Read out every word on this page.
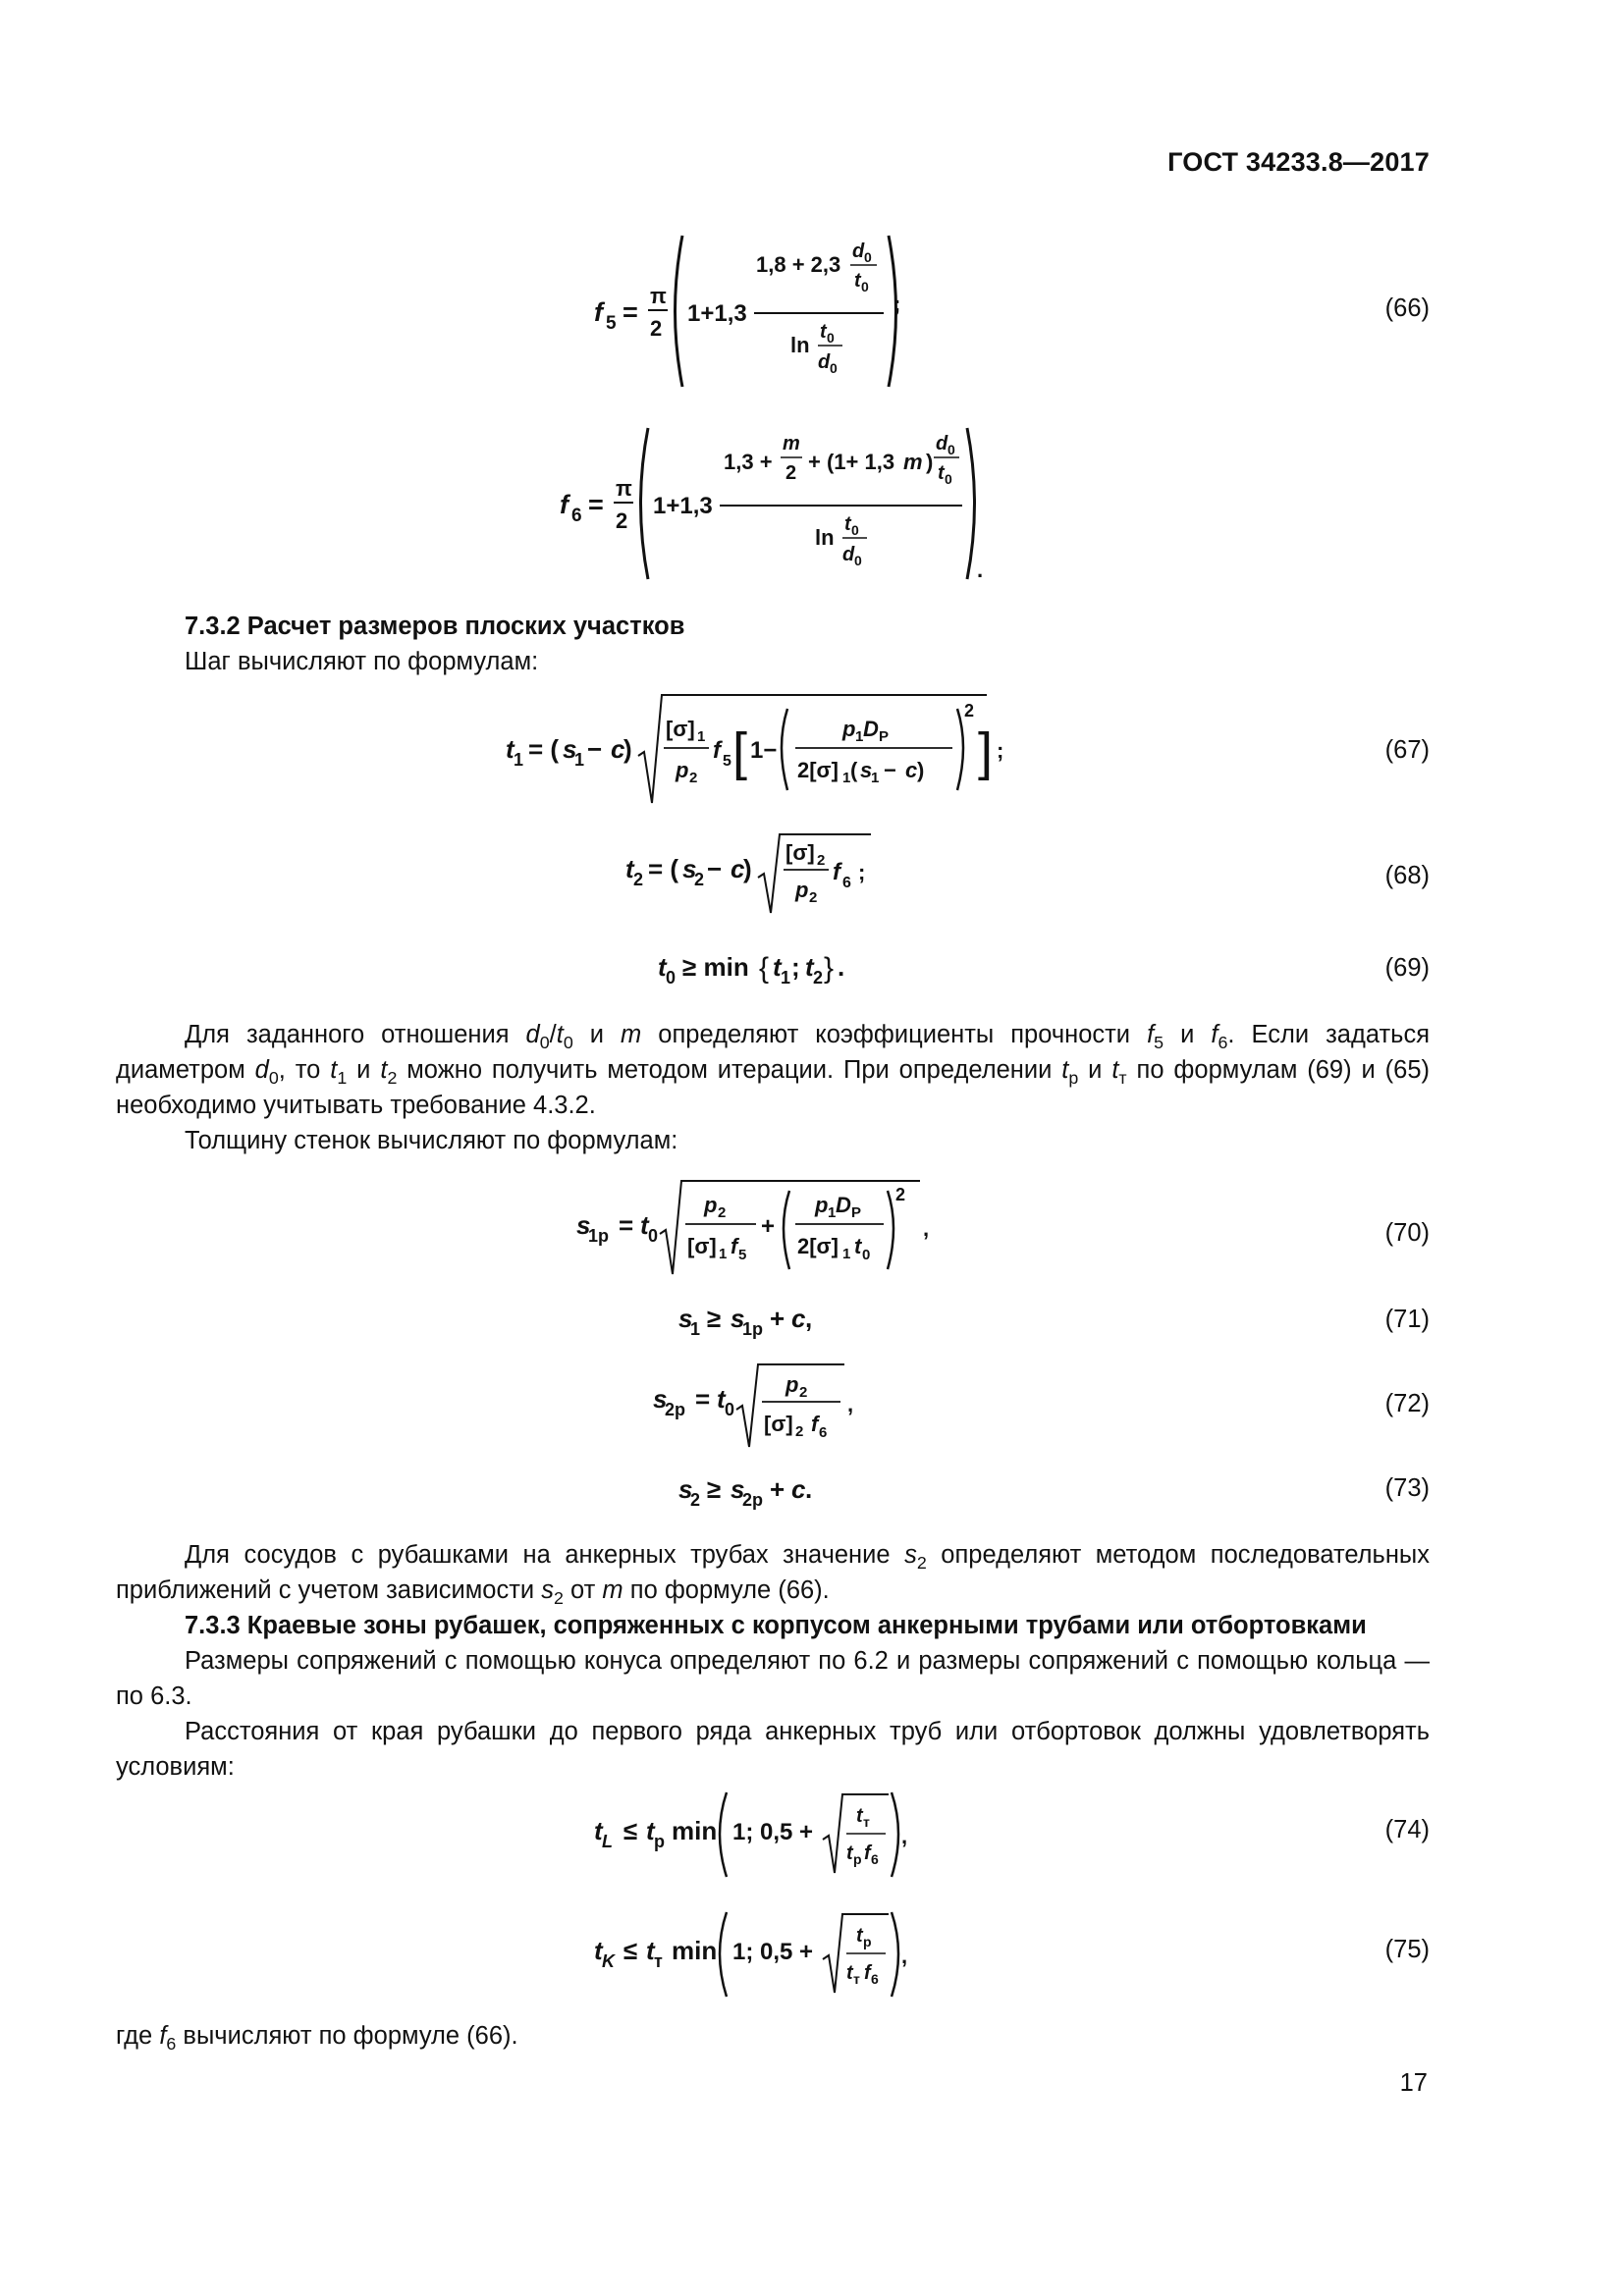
ГОСТ 34233.8—2017
f 5 =
π
2
1+1,3
1,8 + 2,3
d 0
t 0
ln
t 0
d 0
;	(66)
f 6 =
π
2
1+1,3
1,3 +
m
2 + (1+ 1,3 m )
d 0
t 0
ln
t 0
d 0	.
7.3.2 Расчет размеров плоских участков
Шаг вычисляют по формулам:
t 1 = ( s
1 − c
)
[σ] 1
p 2
f 5 [ 1−
p 1 D P
2[σ] 1 ( s
1 − c )
2
] ;	(67)
t 2 = ( s
2 − c
)
[σ] 2
p 2
f 6 ;	(68)
t 0 ≥ min { t 1 ; t 2 } .	(69)
Для заданного отношения $d_0/t_0$ и m определяют коэффициенты прочности $f_5$ и $f_6$. Если задаться диаметром $d_0$, то $t_1$ и $t_2$ можно получить методом итерации. При определении $t_р$ и $t_т$ по формулам (69) и (65) необходимо учитывать требование 4.3.2.
Толщину стенок вычисляют по формулам:
s
1р = t 0
p 2
[σ] 1 f 5
+
p 1 D P
2[σ] 1 t 0
2
,	(70)
s
1 ≥ s
1р + c ,	(71)
s
2р = t 0
p 2
[σ] 2 f 6
,	(72)
s
2 ≥ s
2р + c .	(73)
Для сосудов с рубашками на анкерных трубах значение $s_2$ определяют методом последовательных приближений с учетом зависимости $s_2$ от m по формуле (66).
7.3.3 Краевые зоны рубашек, сопряженных с корпусом анкерными трубами или отбортовками
Размеры сопряжений с помощью конуса определяют по 6.2 и размеры сопряжений с помощью кольца — по 6.3.
Расстояния от края рубашки до первого ряда анкерных труб или отбортовок должны удовлетворять условиям:
t L ≤ t р min 1; 0,5 +
t т
t р f 6
,	(74)
t K ≤ t т min 1; 0,5 +
t р
t т f 6
,	(75)
где $f_6$ вычисляют по формуле (66).
17
